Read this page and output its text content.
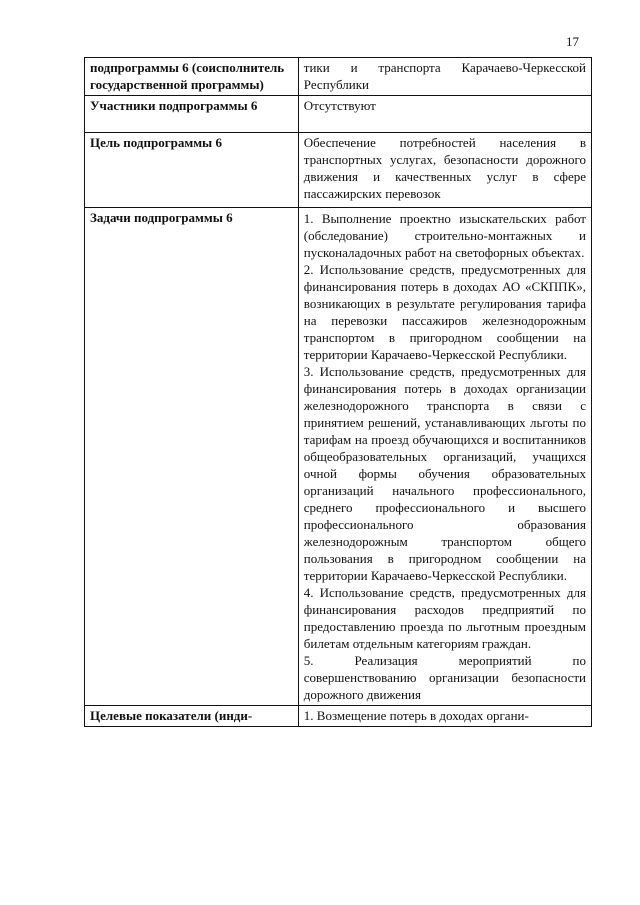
17
подпрограммы 6 (соисполнитель государственной программы)	тики и транспорта Карачаево-Черкесской Республики
Участники подпрограммы 6	Отсутствуют
Цель подпрограммы 6	Обеспечение потребностей населения в транспортных услугах, безопасности дорожного движения и качественных услуг в сфере пассажирских перевозок
Задачи подпрограммы 6	1. Выполнение проектно изыскательских работ (обследование) строительно-монтажных и пусконаладочных работ на светофорных объектах.

2. Использование средств, предусмотренных для финансирования потерь в доходах АО «СКППК», возникающих в результате регулирования тарифа на перевозки пассажиров железнодорожным транспортом в пригородном сообщении на территории Карачаево-Черкесской Республики.

3. Использование средств, предусмотренных для финансирования потерь в доходах организации железнодорожного транспорта в связи с принятием решений, устанавливающих льготы по тарифам на проезд обучающихся и воспитанников общеобразовательных организаций, учащихся очной формы обучения образовательных организаций начального профессионального, среднего профессионального и высшего профессионального образования железнодорожным транспортом общего пользования в пригородном сообщении на территории Карачаево-Черкесской Республики.

4. Использование средств, предусмотренных для финансирования расходов предприятий по предоставлению проезда по льготным проездным билетам отдельным категориям граждан.

5. Реализация мероприятий по совершенствованию организации безопасности дорожного движения

Целевые показатели (инди-	1. Возмещение потерь в доходах органи-
